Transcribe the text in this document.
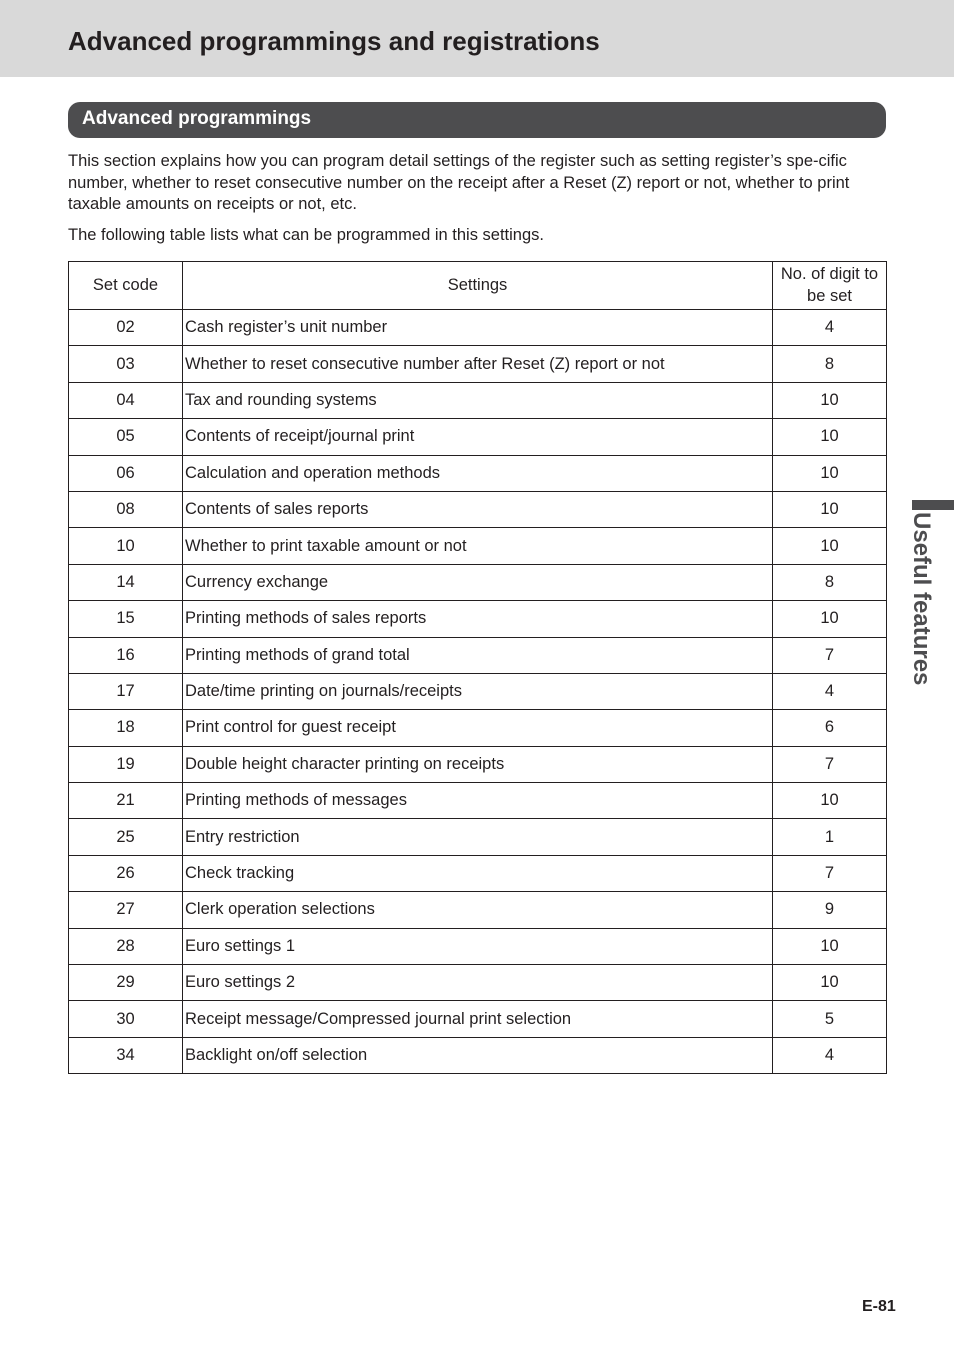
Advanced programmings and registrations
Advanced programmings

This section explains how you can program detail settings of the register such as setting register’s spe-cific number, whether to reset consecutive number on the receipt after a Reset (Z) report or not, whether to print taxable amounts on receipts or not, etc.

The following table lists what can be programmed in this settings.

Set code	Settings	No. of digit to be set
02	Cash register’s unit number	4
03	Whether to reset consecutive number after Reset (Z) report or not	8
04	Tax and rounding systems	10
05	Contents of receipt/journal print	10
06	Calculation and operation methods	10
08	Contents of sales reports	10
10	Whether to print taxable amount or not	10
14	Currency exchange	8
15	Printing methods of sales reports	10
16	Printing methods of grand total	7
17	Date/time printing on journals/receipts	4
18	Print control for guest receipt	6
19	Double height character printing on receipts	7
21	Printing methods of messages	10
25	Entry restriction	1
26	Check tracking	7
27	Clerk operation selections	9
28	Euro settings 1	10
29	Euro settings 2	10
30	Receipt message/Compressed journal print selection	5
34	Backlight on/off selection	4
Useful features
E-81
